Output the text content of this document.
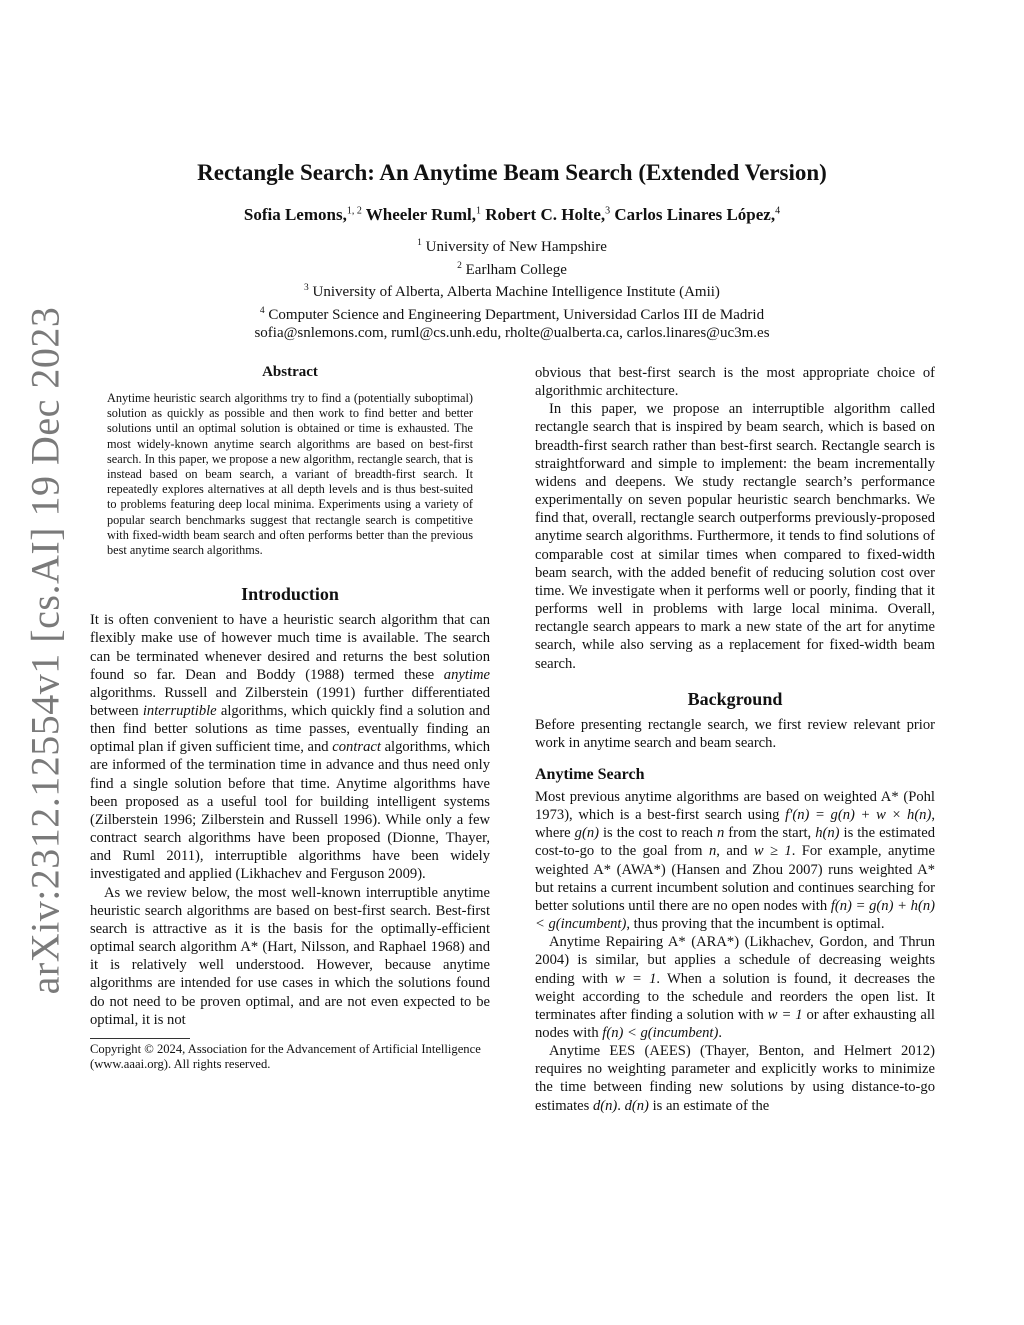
arXiv:2312.12554v1 [cs.AI] 19 Dec 2023
Rectangle Search: An Anytime Beam Search (Extended Version)
Sofia Lemons,$^{1, 2}$ Wheeler Ruml,$^1$ Robert C. Holte,$^3$ Carlos Linares López,$^4$
$^1$ University of New Hampshire
$^2$ Earlham College
$^3$ University of Alberta, Alberta Machine Intelligence Institute (Amii)
$^4$ Computer Science and Engineering Department, Universidad Carlos III de Madrid
sofia@snlemons.com, ruml@cs.unh.edu, rholte@ualberta.ca, carlos.linares@uc3m.es
Abstract

Anytime heuristic search algorithms try to find a (potentially suboptimal) solution as quickly as possible and then work to find better and better solutions until an optimal solution is obtained or time is exhausted. The most widely-known anytime search algorithms are based on best-first search. In this paper, we propose a new algorithm, rectangle search, that is instead based on beam search, a variant of breadth-first search. It repeatedly explores alternatives at all depth levels and is thus best-suited to problems featuring deep local minima. Experiments using a variety of popular search benchmarks suggest that rectangle search is competitive with fixed-width beam search and often performs better than the previous best anytime search algorithms.

Introduction

It is often convenient to have a heuristic search algorithm that can flexibly make use of however much time is available. The search can be terminated whenever desired and returns the best solution found so far. Dean and Boddy (1988) termed these anytime algorithms. Russell and Zilberstein (1991) further differentiated between interruptible algorithms, which quickly find a solution and then find better solutions as time passes, eventually finding an optimal plan if given sufficient time, and contract algorithms, which are informed of the termination time in advance and thus need only find a single solution before that time. Anytime algorithms have been proposed as a useful tool for building intelligent systems (Zilberstein 1996; Zilberstein and Russell 1996). While only a few contract search algorithms have been proposed (Dionne, Thayer, and Ruml 2011), interruptible algorithms have been widely investigated and applied (Likhachev and Ferguson 2009).

As we review below, the most well-known interruptible anytime heuristic search algorithms are based on best-first search. Best-first search is attractive as it is the basis for the optimally-efficient optimal search algorithm A* (Hart, Nilsson, and Raphael 1968) and it is relatively well understood. However, because anytime algorithms are intended for use cases in which the solutions found do not need to be proven optimal, and are not even expected to be optimal, it is not

Copyright © 2024, Association for the Advancement of Artificial Intelligence (www.aaai.org). All rights reserved.

obvious that best-first search is the most appropriate choice of algorithmic architecture.

In this paper, we propose an interruptible algorithm called rectangle search that is inspired by beam search, which is based on breadth-first search rather than best-first search. Rectangle search is straightforward and simple to implement: the beam incrementally widens and deepens. We study rectangle search’s performance experimentally on seven popular heuristic search benchmarks. We find that, overall, rectangle search outperforms previously-proposed anytime search algorithms. Furthermore, it tends to find solutions of comparable cost at similar times when compared to fixed-width beam search, with the added benefit of reducing solution cost over time. We investigate when it performs well or poorly, finding that it performs well in problems with large local minima. Overall, rectangle search appears to mark a new state of the art for anytime search, while also serving as a replacement for fixed-width beam search.

Background

Before presenting rectangle search, we first review relevant prior work in anytime search and beam search.

Anytime Search

Most previous anytime algorithms are based on weighted A* (Pohl 1973), which is a best-first search using f′(n) = g(n) + w × h(n), where g(n) is the cost to reach n from the start, h(n) is the estimated cost-to-go to the goal from n, and w ≥ 1. For example, anytime weighted A* (AWA*) (Hansen and Zhou 2007) runs weighted A* but retains a current incumbent solution and continues searching for better solutions until there are no open nodes with f(n) = g(n) + h(n) < g(incumbent), thus proving that the incumbent is optimal.

Anytime Repairing A* (ARA*) (Likhachev, Gordon, and Thrun 2004) is similar, but applies a schedule of decreasing weights ending with w = 1. When a solution is found, it decreases the weight according to the schedule and reorders the open list. It terminates after finding a solution with w = 1 or after exhausting all nodes with f(n) < g(incumbent).

Anytime EES (AEES) (Thayer, Benton, and Helmert 2012) requires no weighting parameter and explicitly works to minimize the time between finding new solutions by using distance-to-go estimates d(n). d(n) is an estimate of the
